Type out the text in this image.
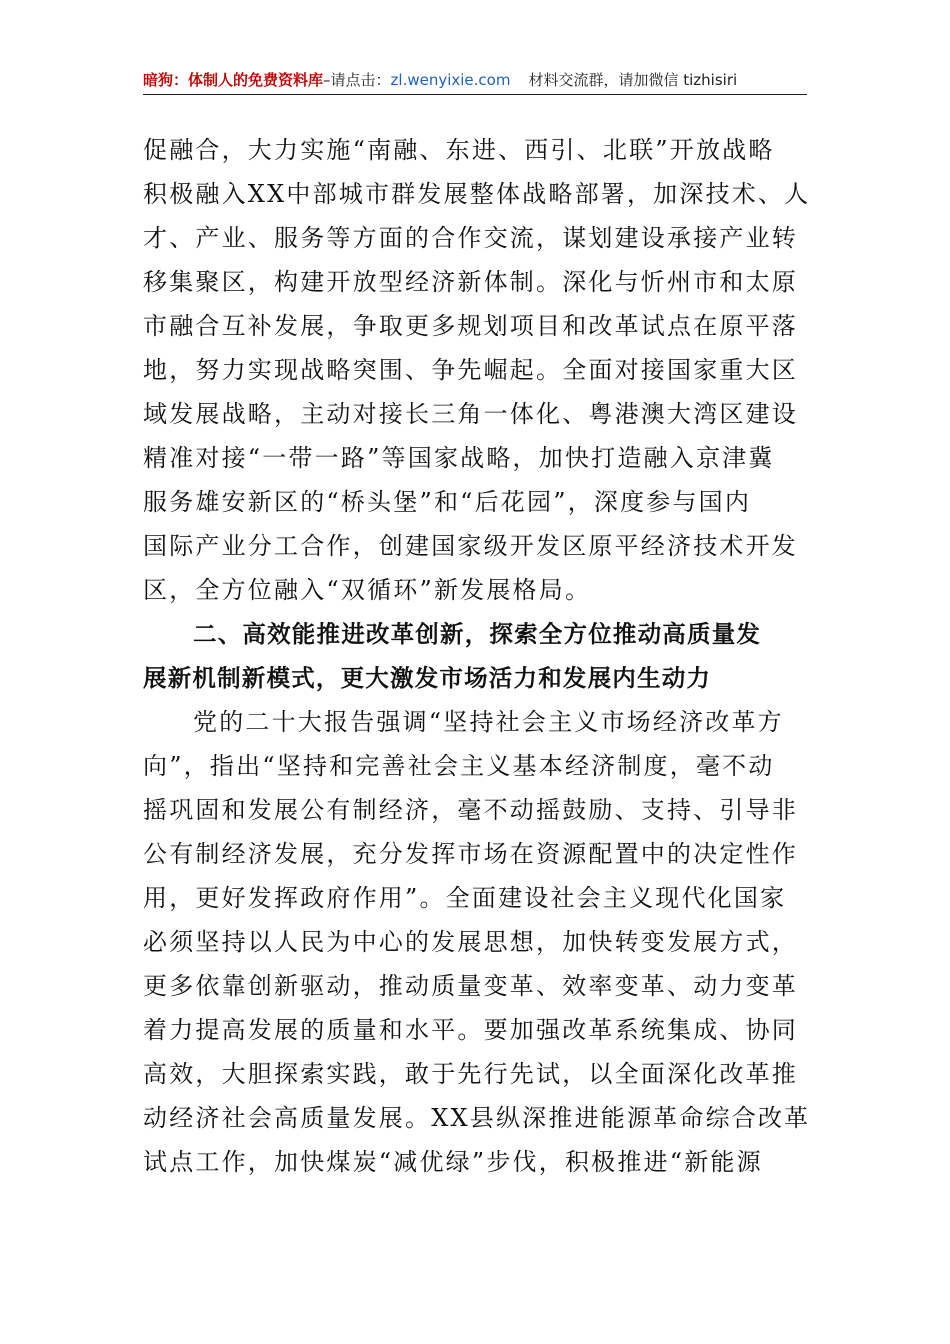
暗狗：体制人的免费资料库–请点击：zl.wenyixie.com 材料交流群，请加微信 tizhisiri
促融合，大力实施“南融、东进、西引、北联”开放战略
积极融入XX中部城市群发展整体战略部署，加深技术、人
才、产业、服务等方面的合作交流，谋划建设承接产业转
移集聚区，构建开放型经济新体制。深化与忻州市和太原
市融合互补发展，争取更多规划项目和改革试点在原平落
地，努力实现战略突围、争先崛起。全面对接国家重大区
域发展战略，主动对接长三角一体化、粤港澳大湾区建设
精准对接“一带一路”等国家战略，加快打造融入京津冀
服务雄安新区的“桥头堡”和“后花园”，深度参与国内
国际产业分工合作，创建国家级开发区原平经济技术开发
区，全方位融入“双循环”新发展格局。
二、高效能推进改革创新，探索全方位推动高质量发
展新机制新模式，更大激发市场活力和发展内生动力
党的二十大报告强调“坚持社会主义市场经济改革方
向”，指出“坚持和完善社会主义基本经济制度，毫不动
摇巩固和发展公有制经济，毫不动摇鼓励、支持、引导非
公有制经济发展，充分发挥市场在资源配置中的决定性作
用，更好发挥政府作用”。全面建设社会主义现代化国家
必须坚持以人民为中心的发展思想，加快转变发展方式，
更多依靠创新驱动，推动质量变革、效率变革、动力变革
着力提高发展的质量和水平。要加强改革系统集成、协同
高效，大胆探索实践，敢于先行先试，以全面深化改革推
动经济社会高质量发展。XX县纵深推进能源革命综合改革
试点工作，加快煤炭“减优绿”步伐，积极推进“新能源
